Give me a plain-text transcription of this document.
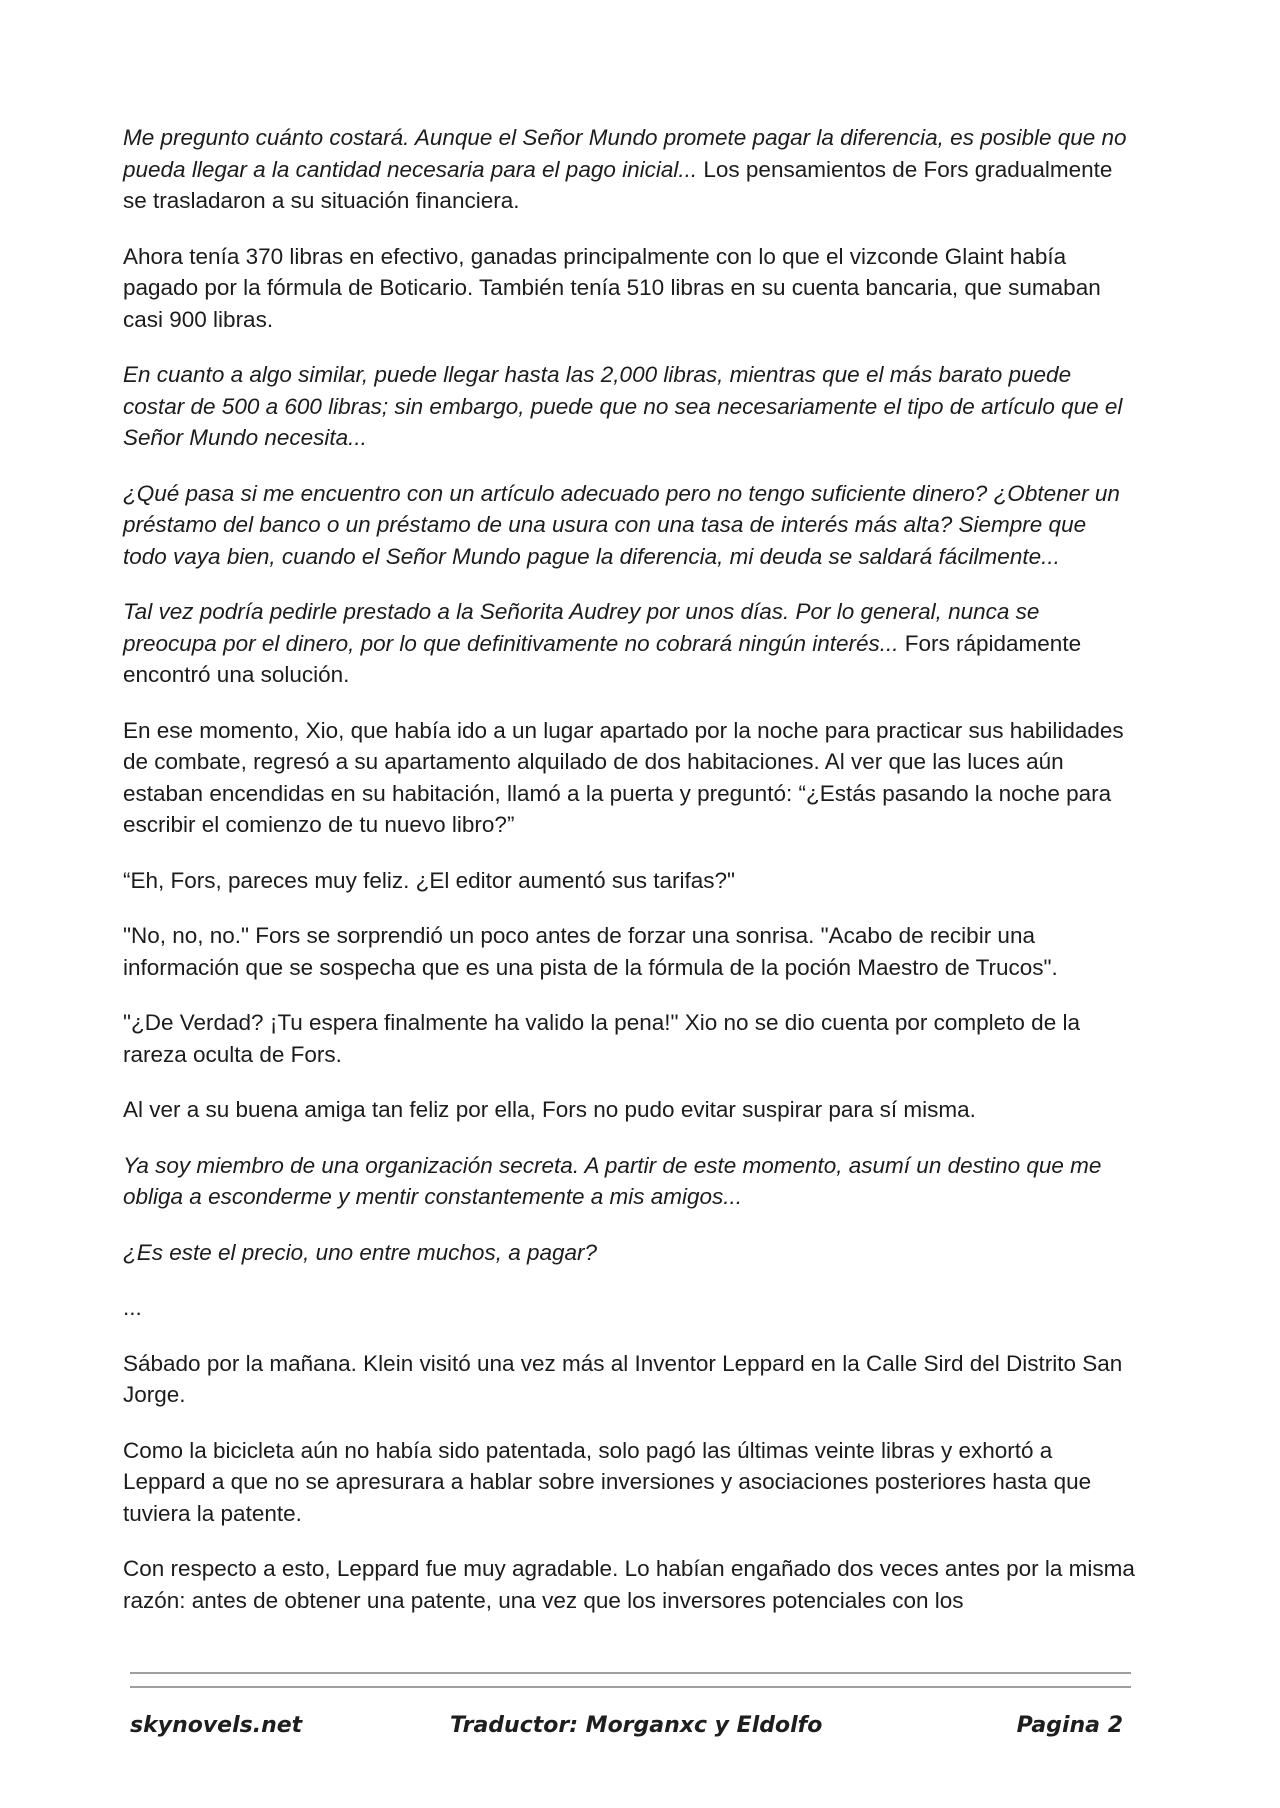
Me pregunto cuánto costará. Aunque el Señor Mundo promete pagar la diferencia, es posible que no pueda llegar a la cantidad necesaria para el pago inicial... Los pensamientos de Fors gradualmente se trasladaron a su situación financiera.

Ahora tenía 370 libras en efectivo, ganadas principalmente con lo que el vizconde Glaint había pagado por la fórmula de Boticario. También tenía 510 libras en su cuenta bancaria, que sumaban casi 900 libras.

En cuanto a algo similar, puede llegar hasta las 2,000 libras, mientras que el más barato puede costar de 500 a 600 libras; sin embargo, puede que no sea necesariamente el tipo de artículo que el Señor Mundo necesita...

¿Qué pasa si me encuentro con un artículo adecuado pero no tengo suficiente dinero? ¿Obtener un préstamo del banco o un préstamo de una usura con una tasa de interés más alta? Siempre que todo vaya bien, cuando el Señor Mundo pague la diferencia, mi deuda se saldará fácilmente...

Tal vez podría pedirle prestado a la Señorita Audrey por unos días. Por lo general, nunca se preocupa por el dinero, por lo que definitivamente no cobrará ningún interés... Fors rápidamente encontró una solución.

En ese momento, Xio, que había ido a un lugar apartado por la noche para practicar sus habilidades de combate, regresó a su apartamento alquilado de dos habitaciones. Al ver que las luces aún estaban encendidas en su habitación, llamó a la puerta y preguntó: “¿Estás pasando la noche para escribir el comienzo de tu nuevo libro?”

“Eh, Fors, pareces muy feliz. ¿El editor aumentó sus tarifas?"

"No, no, no." Fors se sorprendió un poco antes de forzar una sonrisa. "Acabo de recibir una información que se sospecha que es una pista de la fórmula de la poción Maestro de Trucos".

"¿De Verdad? ¡Tu espera finalmente ha valido la pena!" Xio no se dio cuenta por completo de la rareza oculta de Fors.

Al ver a su buena amiga tan feliz por ella, Fors no pudo evitar suspirar para sí misma.

Ya soy miembro de una organización secreta. A partir de este momento, asumí un destino que me obliga a esconderme y mentir constantemente a mis amigos...

¿Es este el precio, uno entre muchos, a pagar?

...

Sábado por la mañana. Klein visitó una vez más al Inventor Leppard en la Calle Sird del Distrito San Jorge.

Como la bicicleta aún no había sido patentada, solo pagó las últimas veinte libras y exhortó a Leppard a que no se apresurara a hablar sobre inversiones y asociaciones posteriores hasta que tuviera la patente.

Con respecto a esto, Leppard fue muy agradable. Lo habían engañado dos veces antes por la misma razón: antes de obtener una patente, una vez que los inversores potenciales con los

skynovels.net	Traductor: Morganxc y Eldolfo	Pagina 2
